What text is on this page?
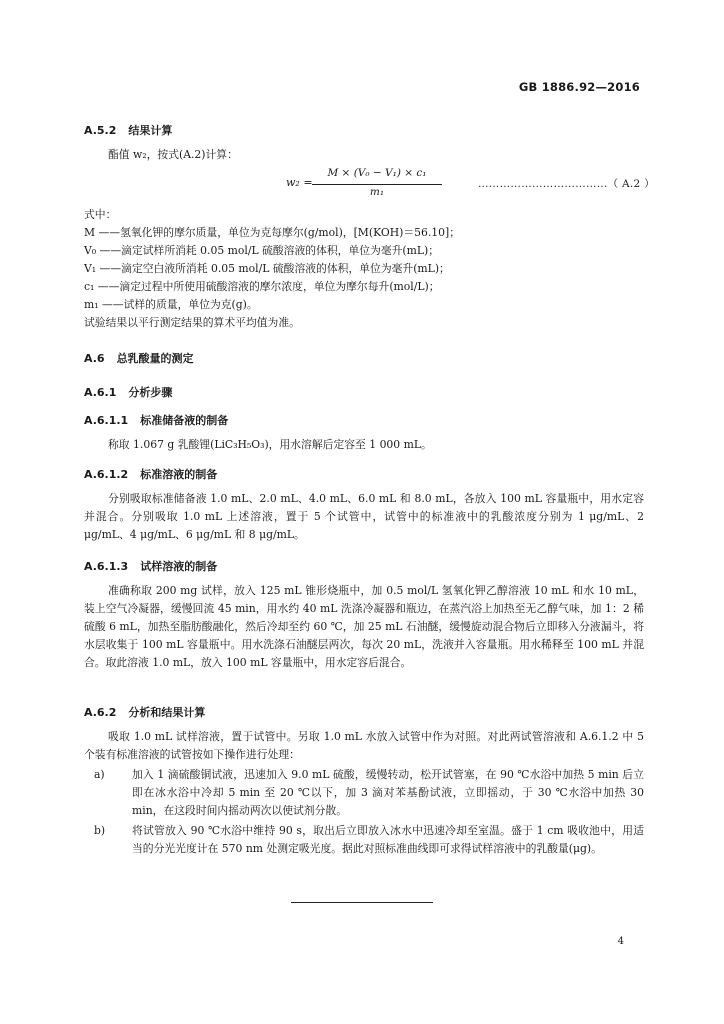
GB 1886.92—2016
A.5.2 结果计算
酯值 w₂，按式(A.2)计算：
w₂ =
M × (V₀ − V₁) × c₁
m₁
………………………………（ A.2 ）
式中：
M ——氢氧化钾的摩尔质量，单位为克每摩尔(g/mol)，[M(KOH)＝56.10]；
V₀ ——滴定试样所消耗 0.05 mol/L 硫酸溶液的体积，单位为毫升(mL)；
V₁ ——滴定空白液所消耗 0.05 mol/L 硫酸溶液的体积，单位为毫升(mL)；
c₁ ——滴定过程中所使用硫酸溶液的摩尔浓度，单位为摩尔每升(mol/L)；
m₁ ——试样的质量，单位为克(g)。
试验结果以平行测定结果的算术平均值为准。
A.6 总乳酸量的测定
A.6.1 分析步骤
A.6.1.1 标准储备液的制备
称取 1.067 g 乳酸锂(LiC₃H₅O₃)，用水溶解后定容至 1 000 mL。
A.6.1.2 标准溶液的制备
分别吸取标准储备液 1.0 mL、2.0 mL、4.0 mL、6.0 mL 和 8.0 mL，各放入 100 mL 容量瓶中，用水定容并混合。分别吸取 1.0 mL 上述溶液，置于 5 个试管中，试管中的标准液中的乳酸浓度分别为 1 μg/mL、2 μg/mL、4 μg/mL、6 μg/mL 和 8 μg/mL。
A.6.1.3 试样溶液的制备
准确称取 200 mg 试样，放入 125 mL 锥形烧瓶中，加 0.5 mol/L 氢氧化钾乙醇溶液 10 mL 和水 10 mL，装上空气冷凝器，缓慢回流 45 min，用水约 40 mL 洗涤冷凝器和瓶边，在蒸汽浴上加热至无乙醇气味，加 1：2 稀硫酸 6 mL，加热至脂肪酸融化，然后冷却至约 60 ℃，加 25 mL 石油醚，缓慢旋动混合物后立即移入分液漏斗，将水层收集于 100 mL 容量瓶中。用水洗涤石油醚层两次，每次 20 mL，洗液并入容量瓶。用水稀释至 100 mL 并混合。取此溶液 1.0 mL，放入 100 mL 容量瓶中，用水定容后混合。
A.6.2 分析和结果计算
吸取 1.0 mL 试样溶液，置于试管中。另取 1.0 mL 水放入试管中作为对照。对此两试管溶液和 A.6.1.2 中 5 个装有标准溶液的试管按如下操作进行处理：
a)	加入 1 滴硫酸铜试液，迅速加入 9.0 mL 硫酸，缓慢转动，松开试管塞，在 90 ℃水浴中加热 5 min 后立即在冰水浴中冷却 5 min 至 20 ℃以下，加 3 滴对苯基酚试液，立即摇动，于 30 ℃水浴中加热 30 min，在这段时间内摇动两次以使试剂分散。
b) 将试管放入 90 ℃水浴中维持 90 s，取出后立即放入冰水中迅速冷却至室温。盛于 1 cm 吸收池中，用适当的分光光度计在 570 nm 处测定吸光度。据此对照标准曲线即可求得试样溶液中的乳酸量(μg)。
4
